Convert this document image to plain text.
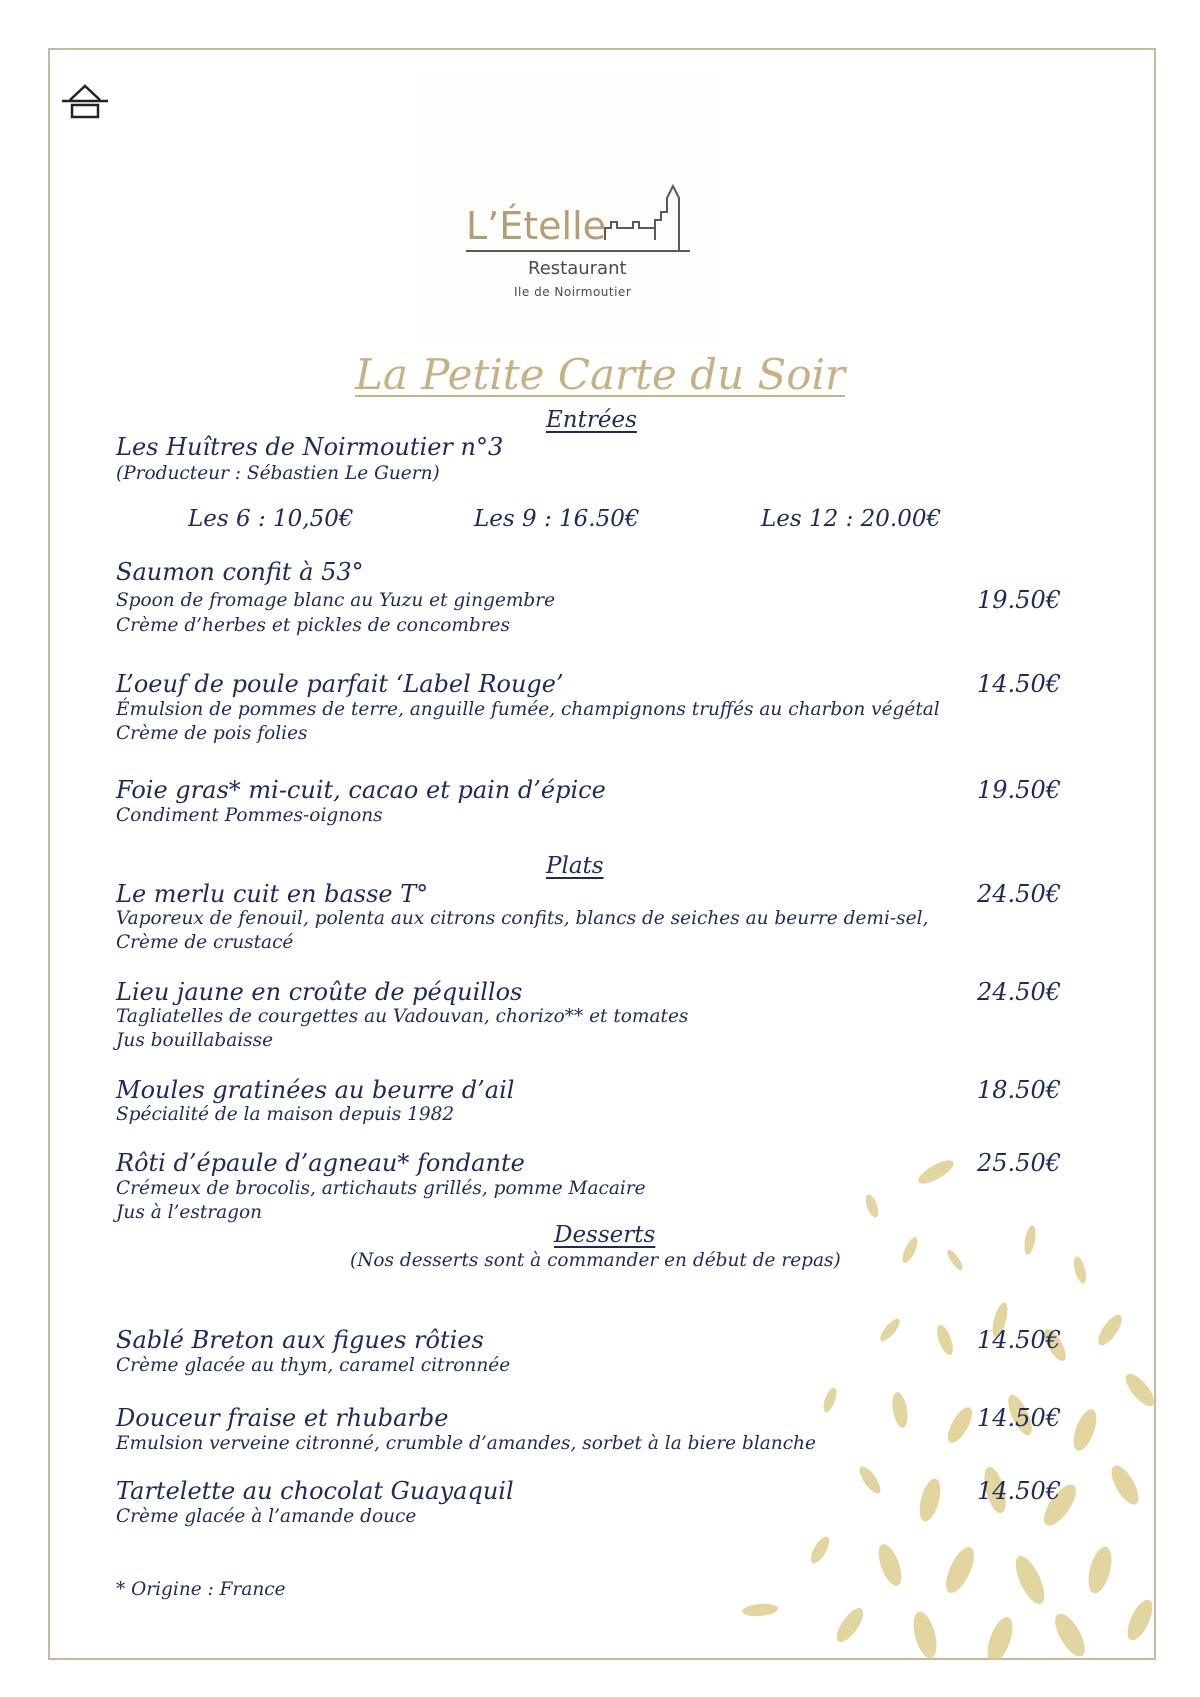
L’Ételle
Restaurant
Ile de Noirmoutier
La Petite Carte du Soir
Entrées
Les Huîtres de Noirmoutier n°3
(Producteur : Sébastien Le Guern)
Les 6 : 10,50€	Les 9 : 16.50€	Les 12 : 20.00€
Saumon confit à 53°
Spoon de fromage blanc au Yuzu et gingembre
Crème d’herbes et pickles de concombres
19.50€
L’oeuf de poule parfait ‘Label Rouge’
Émulsion de pommes de terre, anguille fumée, champignons truffés au charbon végétal
Crème de pois folies
14.50€
Foie gras* mi-cuit, cacao et pain d’épice
Condiment Pommes-oignons
19.50€
Plats
Le merlu cuit en basse T°
Vaporeux de fenouil, polenta aux citrons confits, blancs de seiches au beurre demi-sel,
Crème de crustacé
24.50€
Lieu jaune en croûte de péquillos
Tagliatelles de courgettes au Vadouvan, chorizo** et tomates
Jus bouillabaisse
24.50€
Moules gratinées au beurre d’ail
Spécialité de la maison depuis 1982
18.50€
Rôti d’épaule d’agneau* fondante
Crémeux de brocolis, artichauts grillés, pomme Macaire
Jus à l’estragon
25.50€
Desserts
(Nos desserts sont à commander en début de repas)
Sablé Breton aux figues rôties
Crème glacée au thym, caramel citronnée
14.50€
Douceur fraise et rhubarbe
Emulsion verveine citronné, crumble d’amandes, sorbet à la biere blanche
14.50€
Tartelette au chocolat Guayaquil
Crème glacée à l’amande douce
14.50€
* Origine : France
